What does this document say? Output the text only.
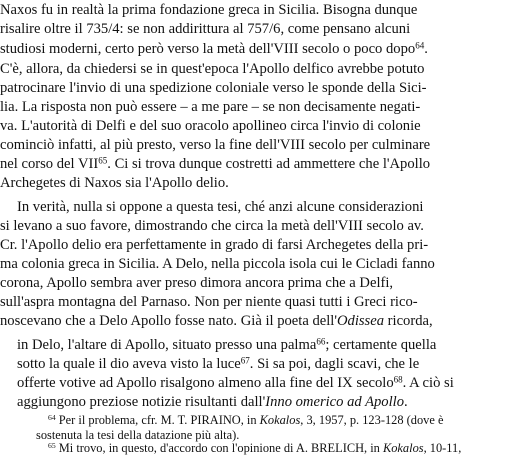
Naxos fu in realtà la prima fondazione greca in Sicilia. Bisogna dunque
risalire oltre il 735/4: se non addirittura al 757/6, come pensano alcuni
studiosi moderni, certo però verso la metà dell'VIII secolo o poco dopo$^{64}$.
C'è, allora, da chiedersi se in quest'epoca l'Apollo delfico avrebbe potuto
patrocinare l'invio di una spedizione coloniale verso le sponde della Sici-
lia. La risposta non può essere – a me pare – se non decisamente negati-
va. L'autorità di Delfi e del suo oracolo apollineo circa l'invio di colonie
cominciò infatti, al più presto, verso la fine dell'VIII secolo per culminare
nel corso del VII$^{65}$. Ci si trova dunque costretti ad ammettere che l'Apollo
Archegetes di Naxos sia l'Apollo delio.
In verità, nulla si oppone a questa tesi, ché anzi alcune considerazioni
si levano a suo favore, dimostrando che circa la metà dell'VIII secolo av.
Cr. l'Apollo delio era perfettamente in grado di farsi Archegetes della pri-
ma colonia greca in Sicilia. A Delo, nella piccola isola cui le Cicladi fanno
corona, Apollo sembra aver preso dimora ancora prima che a Delfi,
sull'aspra montagna del Parnaso. Non per niente quasi tutti i Greci rico-
noscevano che a Delo Apollo fosse nato. Già il poeta dell'Odissea ricorda,
in Delo, l'altare di Apollo, situato presso una palma$^{66}$; certamente quella
sotto la quale il dio aveva visto la luce$^{67}$. Si sa poi, dagli scavi, che le
offerte votive ad Apollo risalgono almeno alla fine del IX secolo$^{68}$. A ciò si
aggiungono preziose notizie risultanti dall'Inno omerico ad Apollo.
$^{64}$ Per il problema, cfr. M. T. PIRAINO, in Kokalos, 3, 1957, p. 123-128 (dove è
sostenuta la tesi della datazione più alta).
$^{65}$ Mi trovo, in questo, d'accordo con l'opinione di A. BRELICH, in Kokalos, 10-11,
